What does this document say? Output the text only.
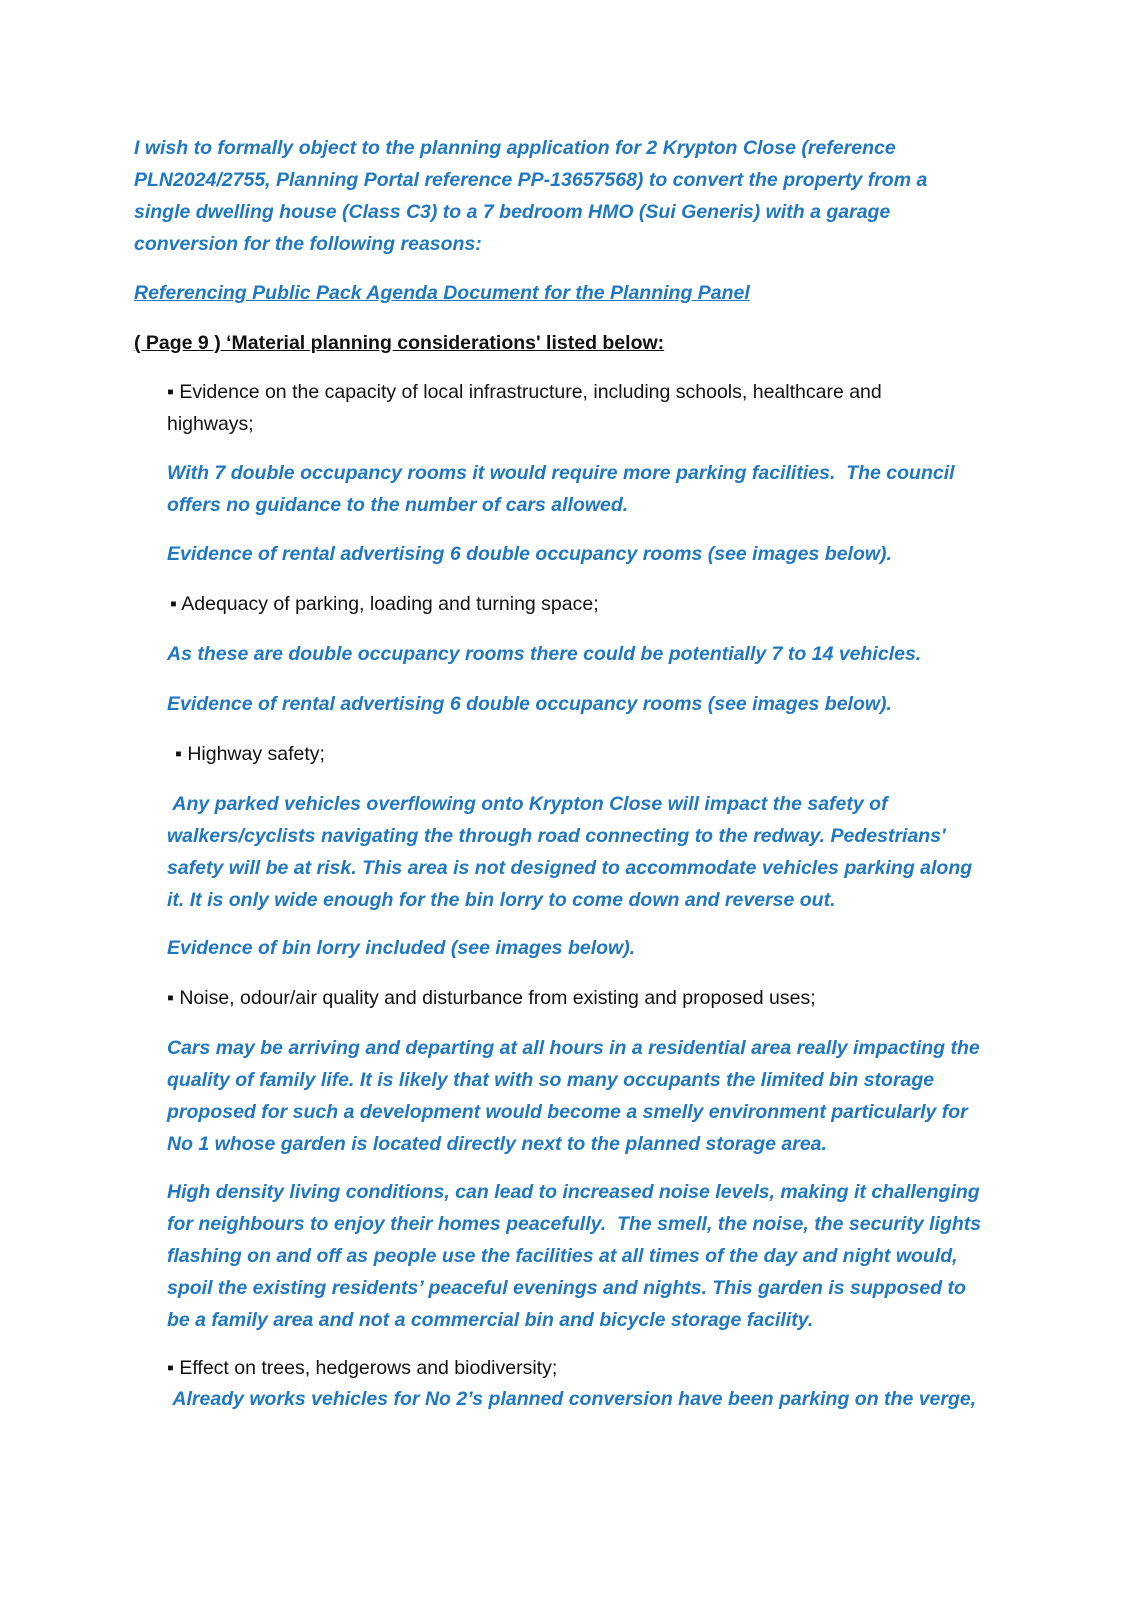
I wish to formally object to the planning application for 2 Krypton Close (reference PLN2024/2755, Planning Portal reference PP-13657568) to convert the property from a single dwelling house (Class C3) to a 7 bedroom HMO (Sui Generis) with a garage conversion for the following reasons:

Referencing Public Pack Agenda Document for the Planning Panel

( Page 9 ) ‘Material planning considerations' listed below:

▪ Evidence on the capacity of local infrastructure, including schools, healthcare and highways;

With 7 double occupancy rooms it would require more parking facilities.  The council offers no guidance to the number of cars allowed.

Evidence of rental advertising 6 double occupancy rooms (see images below).

▪ Adequacy of parking, loading and turning space;

As these are double occupancy rooms there could be potentially 7 to 14 vehicles.

Evidence of rental advertising 6 double occupancy rooms (see images below).

▪ Highway safety;

Any parked vehicles overflowing onto Krypton Close will impact the safety of walkers/cyclists navigating the through road connecting to the redway. Pedestrians' safety will be at risk. This area is not designed to accommodate vehicles parking along it. It is only wide enough for the bin lorry to come down and reverse out.

Evidence of bin lorry included (see images below).

▪ Noise, odour/air quality and disturbance from existing and proposed uses;

Cars may be arriving and departing at all hours in a residential area really impacting the quality of family life. It is likely that with so many occupants the limited bin storage proposed for such a development would become a smelly environment particularly for No 1 whose garden is located directly next to the planned storage area.

High density living conditions, can lead to increased noise levels, making it challenging for neighbours to enjoy their homes peacefully.  The smell, the noise, the security lights flashing on and off as people use the facilities at all times of the day and night would, spoil the existing residents’ peaceful evenings and nights. This garden is supposed to be a family area and not a commercial bin and bicycle storage facility.

▪ Effect on trees, hedgerows and biodiversity;

Already works vehicles for No 2’s planned conversion have been parking on the verge,
